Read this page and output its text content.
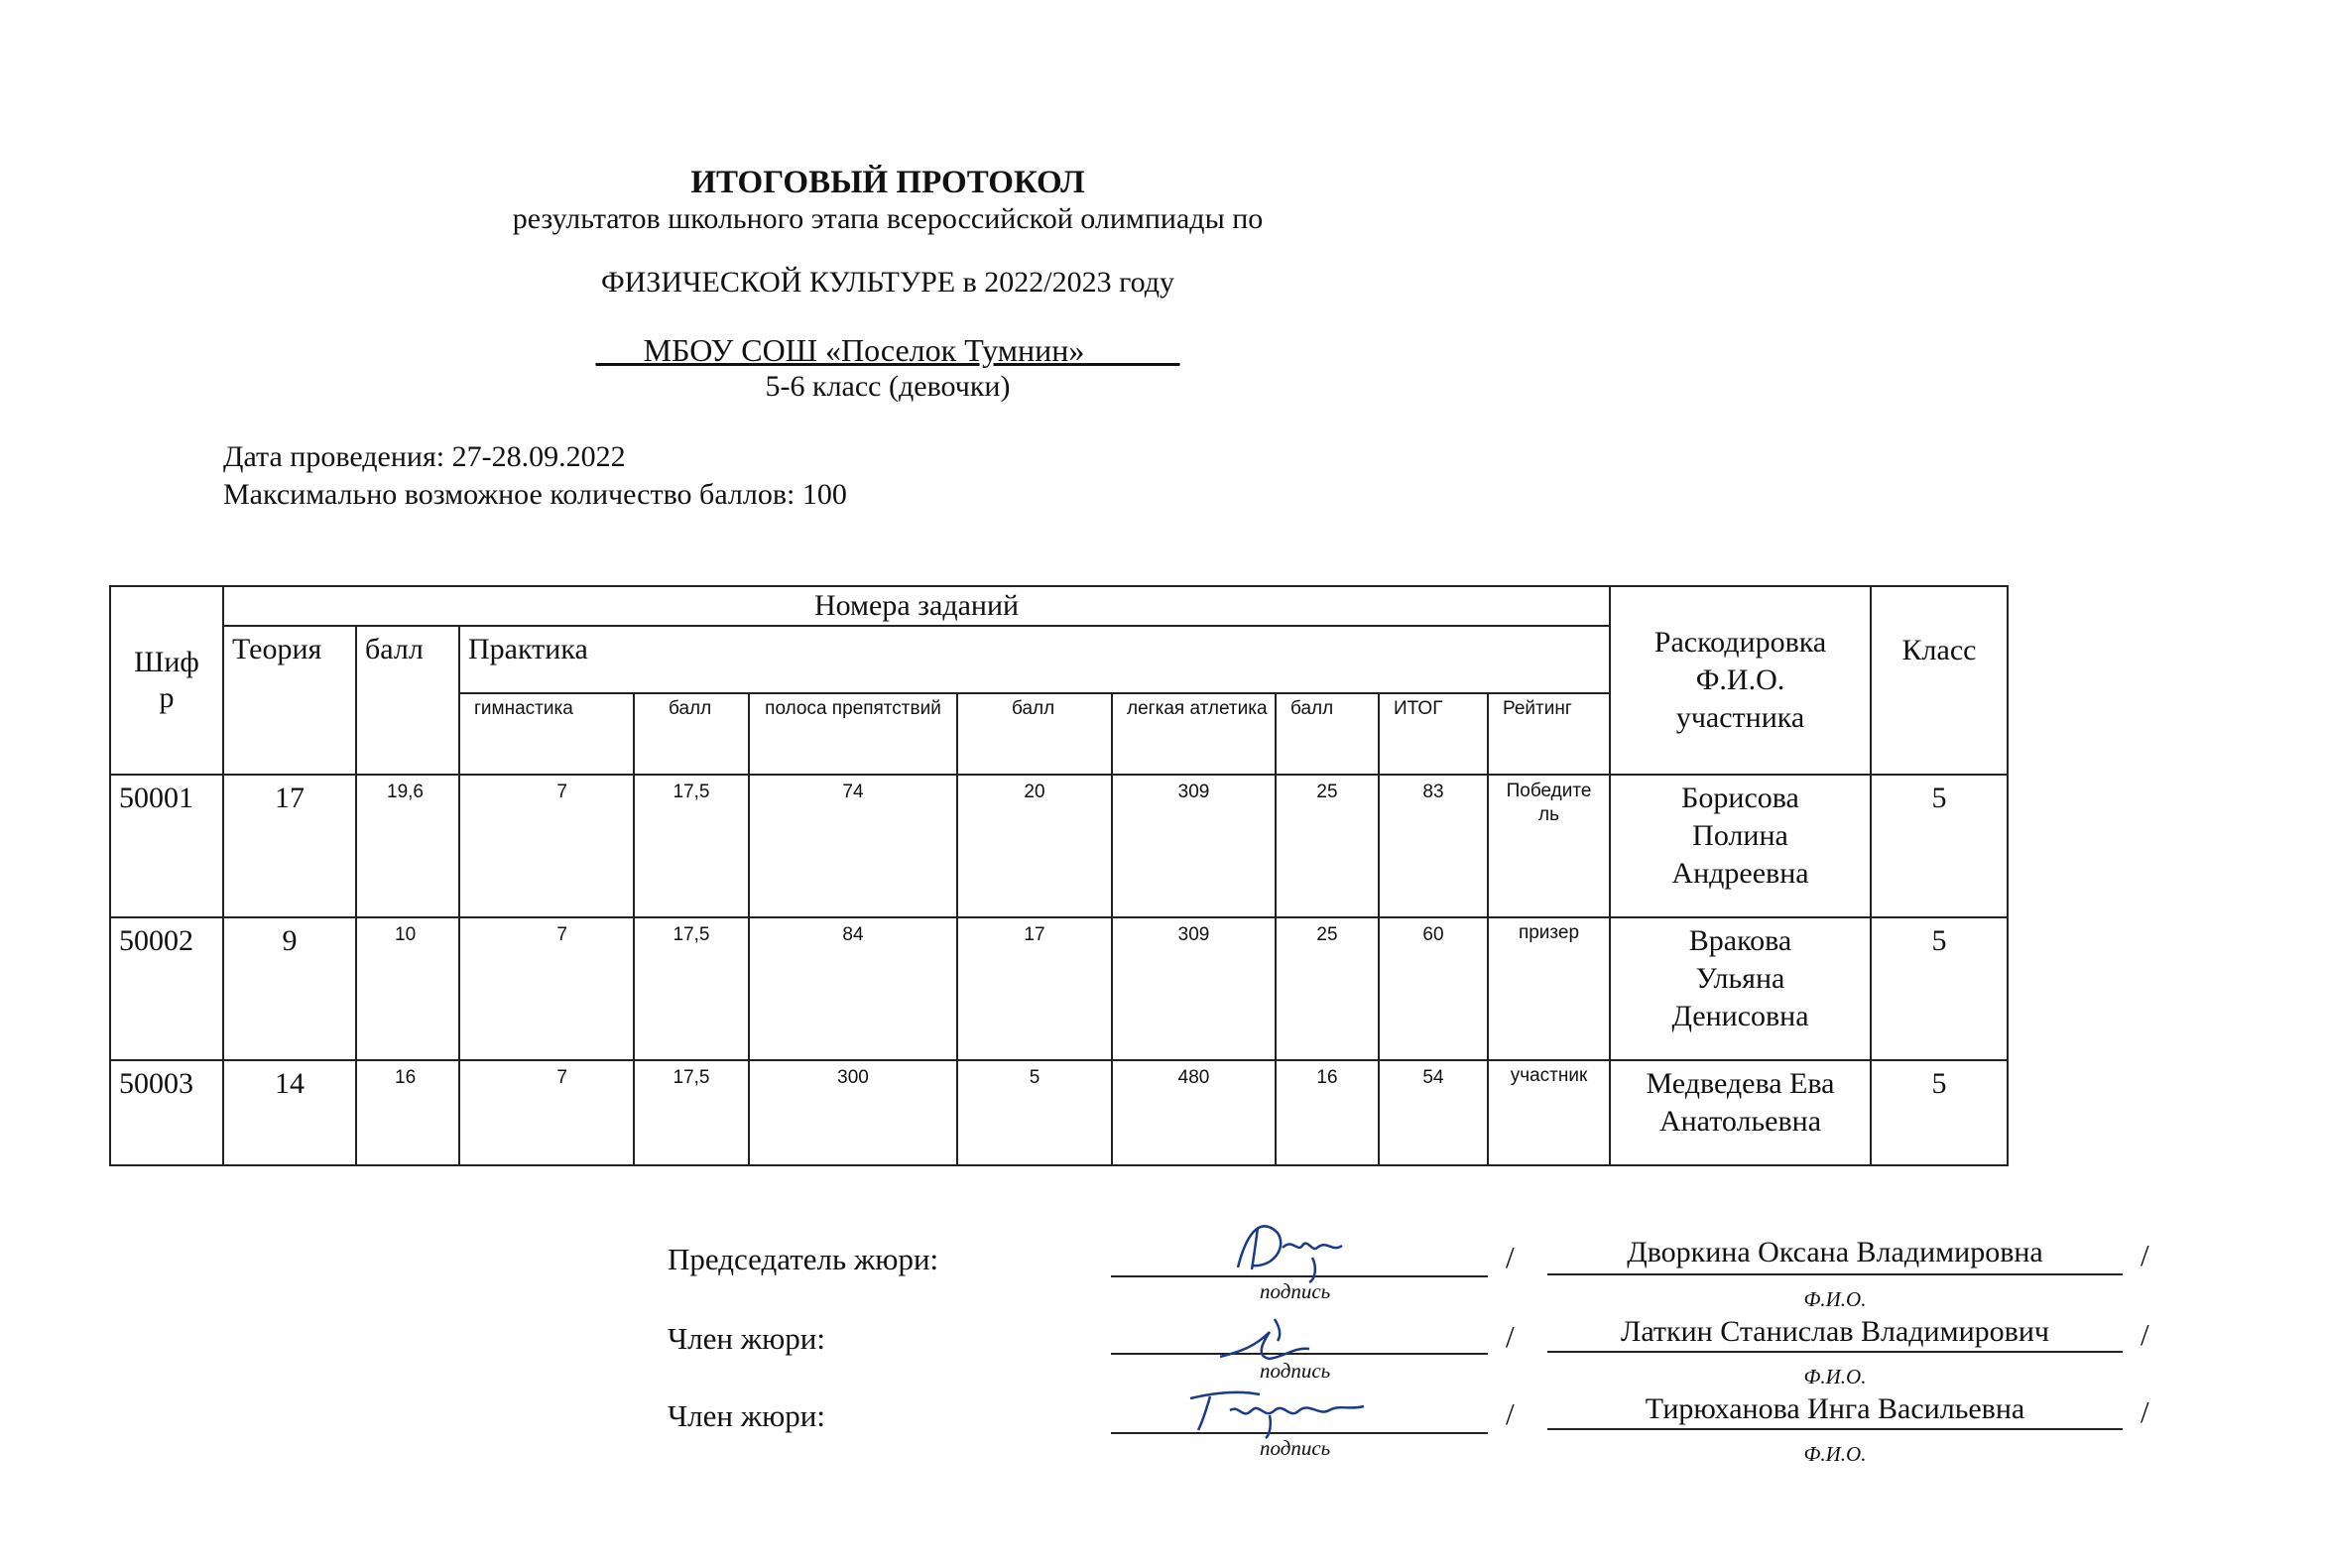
ИТОГОВЫЙ ПРОТОКОЛ
результатов школьного этапа всероссийской олимпиады по
ФИЗИЧЕСКОЙ КУЛЬТУРЕ в 2022/2023 году
___МБОУ СОШ «Поселок Тумнин»______
5-6 класс (девочки)
Дата проведения: 27-28.09.2022
Максимально возможное количество баллов: 100
Шифр	Номера заданий										Раскодировка Ф.И.О. участника	Класс
	Теория	балл	Практика									
			гимнастика	балл	полоса препятствий	балл	легкая атлетика	балл	ИТОГ	Рейтинг		
50001	17	19,6	7	17,5	74	20	309	25	83	Победитель	Борисова Полина Андреевна	5
50002	9	10	7	17,5	84	17	309	25	60	призер	Вракова Ульяна Денисовна	5
50003	14	16	7	17,5	300	5	480	16	54	участник	Медведева Ева Анатольевна	5
Председатель жюри:
подпись
/	Дворкина Оксана Владимировна
Ф.И.О.
/
Член жюри:
подпись
/	Латкин Станислав Владимирович
Ф.И.О.
/
Член жюри:
подпись
/	Тирюханова Инга Васильевна
Ф.И.О.
/
